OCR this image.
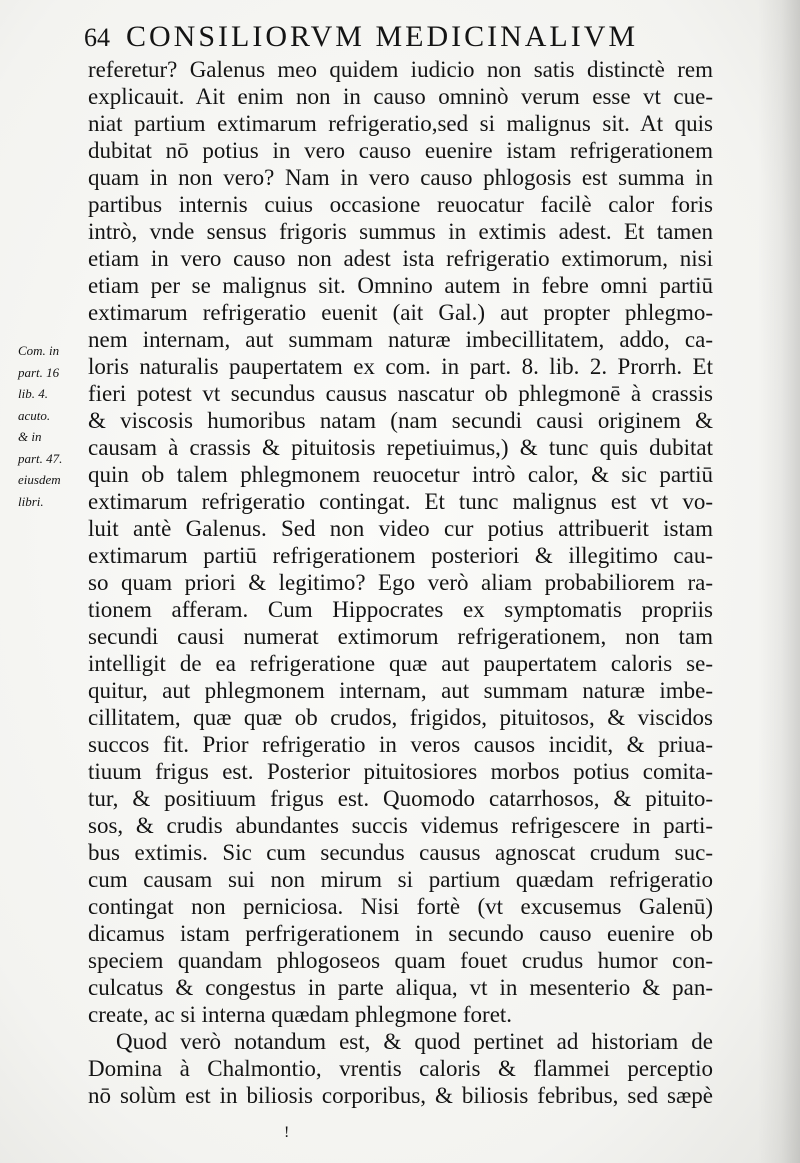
64 CONSILIORVM MEDICINALIVM
Com. in
part. 16
lib. 4.
acuto.
& in
part. 47.
eiusdem
libri.
referetur? Galenus meo quidem iudicio non satis distinctè rem
explicauit. Ait enim non in causo omninò verum esse vt cue-
niat partium extimarum refrigeratio,sed si malignus sit. At quis
dubitat nō potius in vero causo euenire istam refrigerationem
quam in non vero? Nam in vero causo phlogosis est summa in
partibus internis cuius occasione reuocatur facilè calor foris
intrò, vnde sensus frigoris summus in extimis adest. Et tamen
etiam in vero causo non adest ista refrigeratio extimorum, nisi
etiam per se malignus sit. Omnino autem in febre omni partiū
extimarum refrigeratio euenit (ait Gal.) aut propter phlegmo-
nem internam, aut summam naturæ imbecillitatem, addo, ca-
loris naturalis paupertatem ex com. in part. 8. lib. 2. Prorrh. Et
fieri potest vt secundus causus nascatur ob phlegmonē à crassis
& viscosis humoribus natam (nam secundi causi originem &
causam à crassis & pituitosis repetiuimus,) & tunc quis dubitat
quin ob talem phlegmonem reuocetur intrò calor, & sic partiū
extimarum refrigeratio contingat. Et tunc malignus est vt vo-
luit antè Galenus. Sed non video cur potius attribuerit istam
extimarum partiū refrigerationem posteriori & illegitimo cau-
so quam priori & legitimo? Ego verò aliam probabiliorem ra-
tionem afferam. Cum Hippocrates ex symptomatis propriis
secundi causi numerat extimorum refrigerationem, non tam
intelligit de ea refrigeratione quæ aut paupertatem caloris se-
quitur, aut phlegmonem internam, aut summam naturæ imbe-
cillitatem, quæ quæ ob crudos, frigidos, pituitosos, & viscidos
succos fit. Prior refrigeratio in veros causos incidit, & priua-
tiuum frigus est. Posterior pituitosiores morbos potius comita-
tur, & positiuum frigus est. Quomodo catarrhosos, & pituito-
sos, & crudis abundantes succis videmus refrigescere in parti-
bus extimis. Sic cum secundus causus agnoscat crudum suc-
cum causam sui non mirum si partium quædam refrigeratio
contingat non perniciosa. Nisi fortè (vt excusemus Galenū)
dicamus istam perfrigerationem in secundo causo euenire ob
speciem quandam phlogoseos quam fouet crudus humor con-
culcatus & congestus in parte aliqua, vt in mesenterio & pan-
create, ac si interna quædam phlegmone foret.
Quod verò notandum est, & quod pertinet ad historiam de
Domina à Chalmontio, vrentis caloris & flammei perceptio
nō solùm est in biliosis corporibus, & biliosis febribus, sed sæpè
!
